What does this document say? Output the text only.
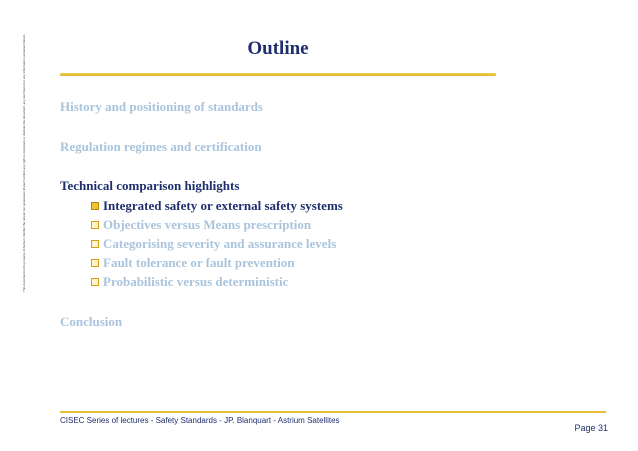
This document is the property of Astrium. Neither the receipt nor possession thereof confers any right to reproduce or disclose the document, any part thereof or any information contained therein.	Outline
History and positioning of standards
Regulation regimes and certification
Technical comparison highlights
Integrated safety or external safety systems
Objectives versus Means prescription
Categorising severity and assurance levels
Fault tolerance or fault prevention
Probabilistic versus deterministic
Conclusion
CISEC Series of lectures - Safety Standards - JP. Blanquart - Astrium Satellites
Page 31
